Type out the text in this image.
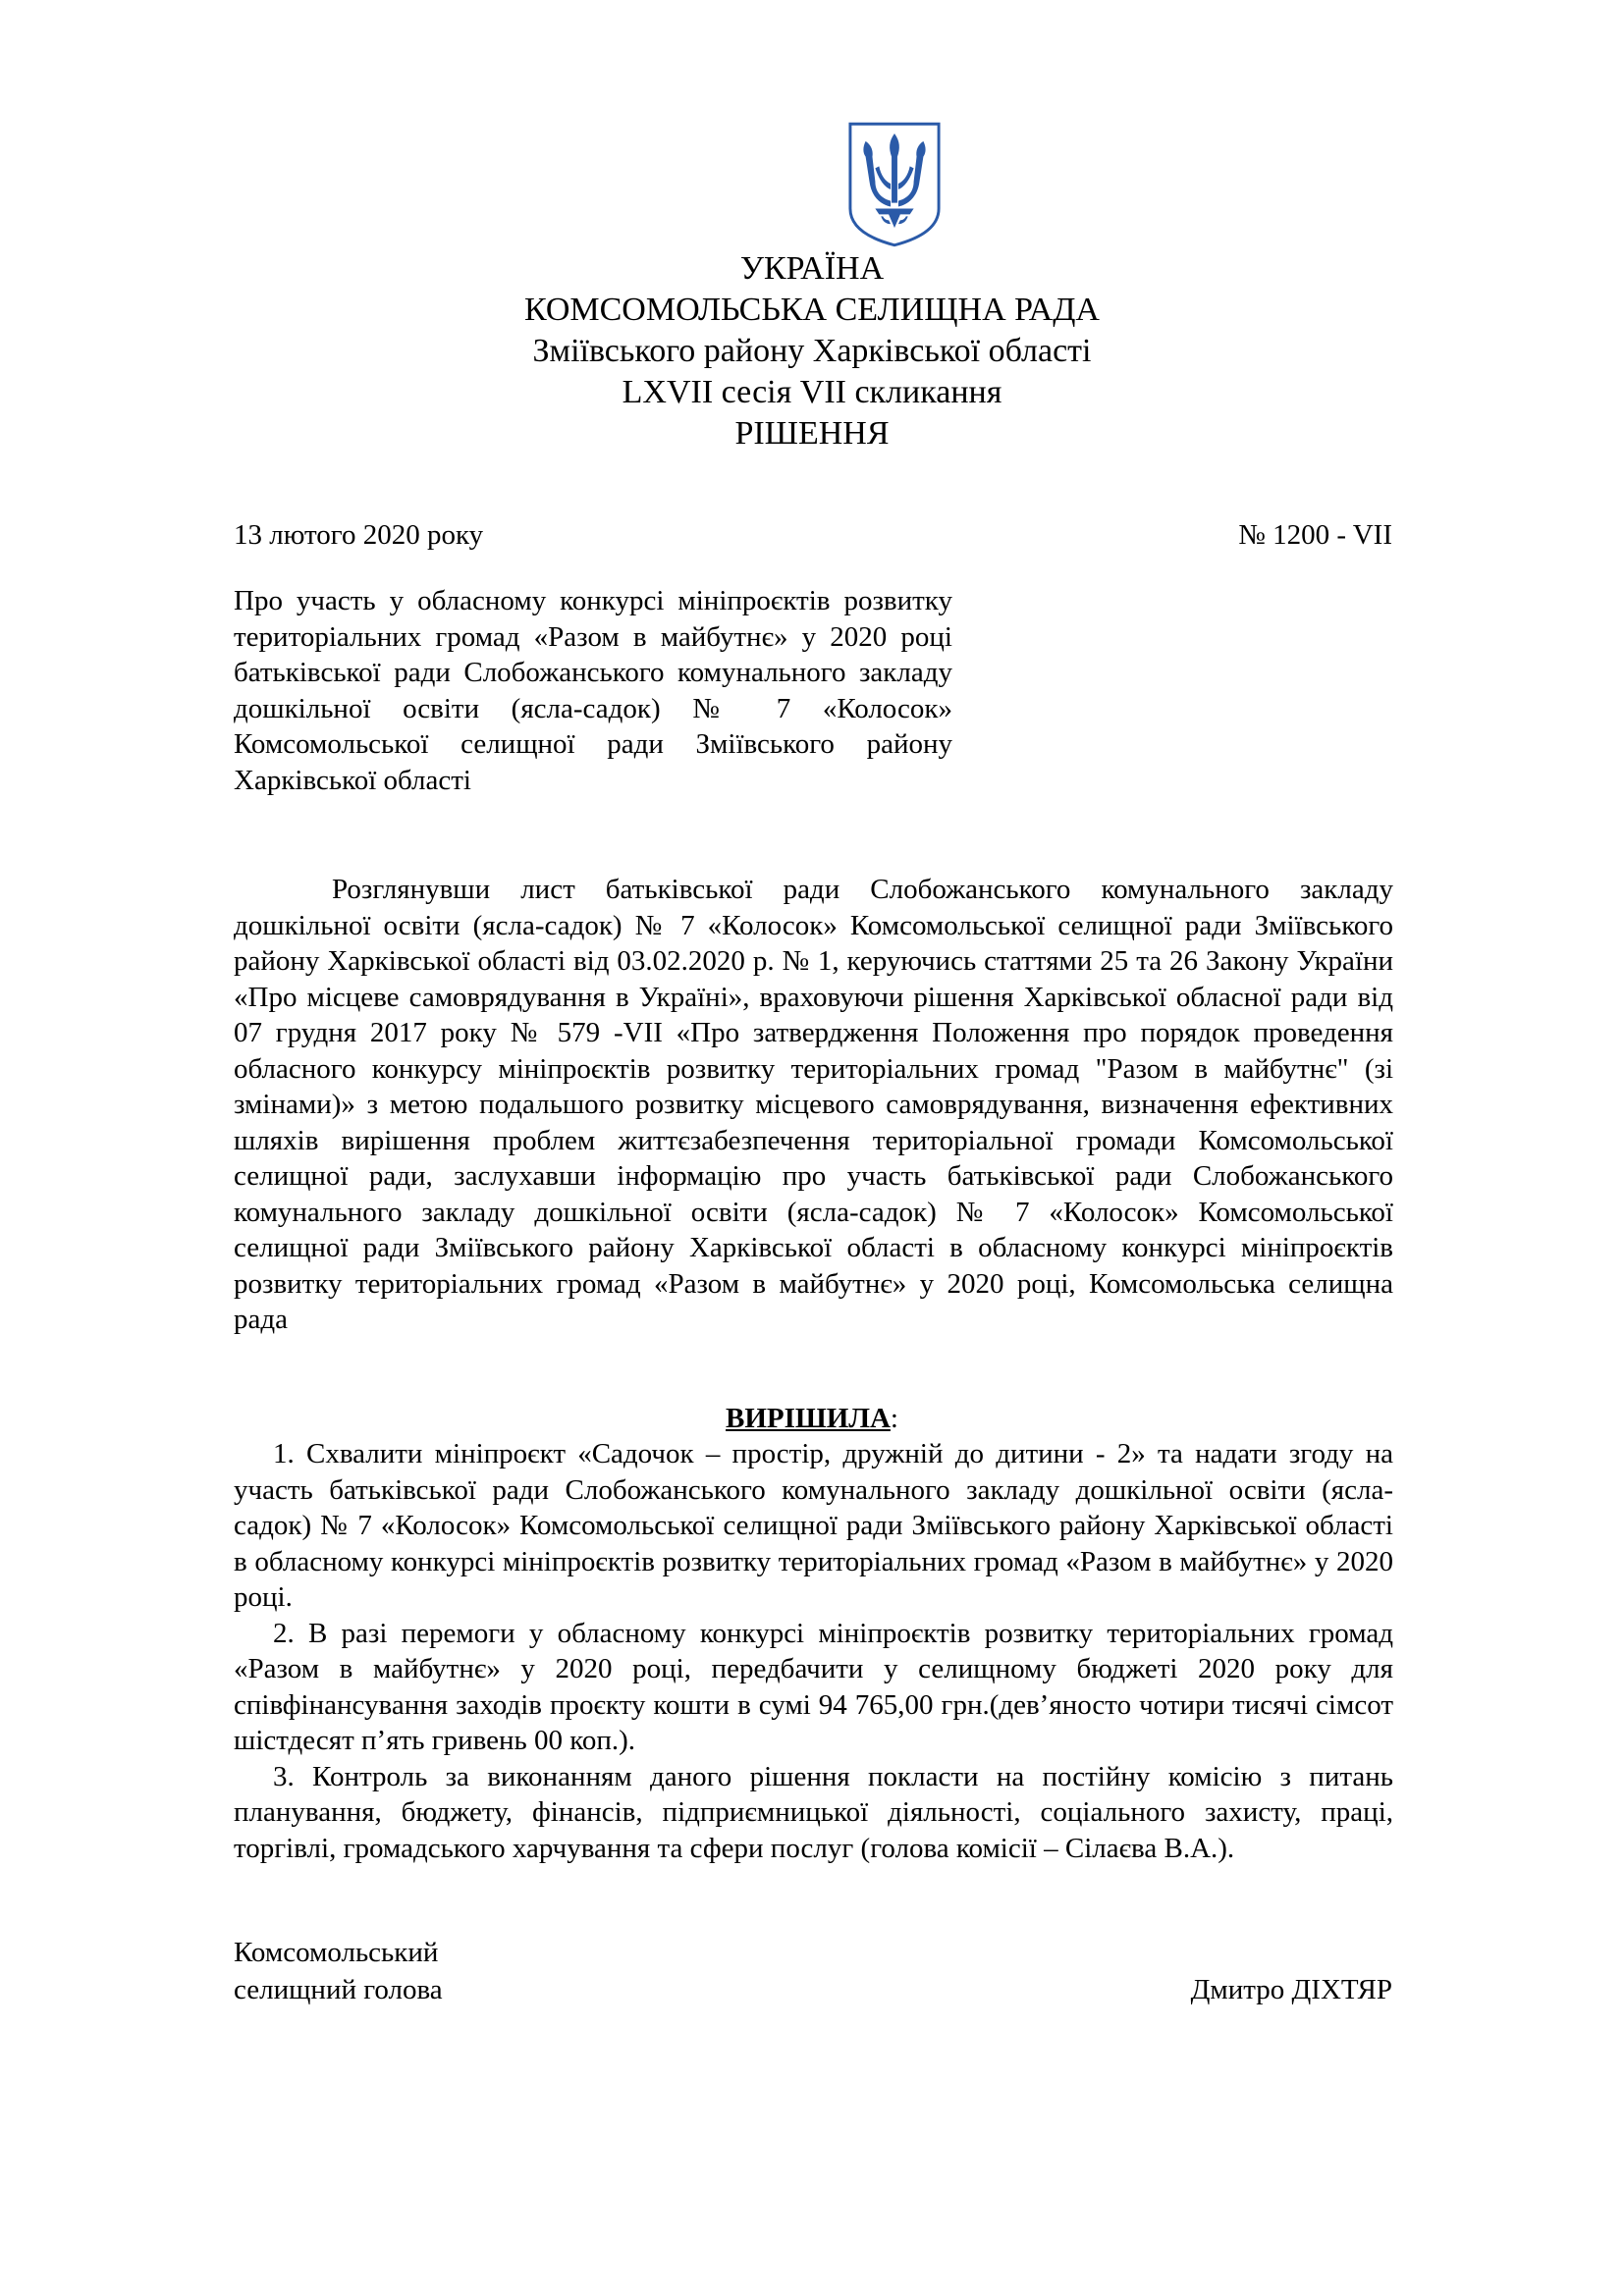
УКРАЇНА
КОМСОМОЛЬСЬКА СЕЛИЩНА РАДА
Зміївського району Харківської області
LXVII сесія VII скликання
РІШЕННЯ
13 лютого 2020 року	№ 1200 - VII
Про участь у обласному конкурсі мініпроєктів розвитку територіальних громад «Разом в майбутнє» у 2020 році батьківської ради Слобожанського комунального закладу дошкільної освіти (ясла-садок) № 7 «Колосок» Комсомольської селищної ради Зміївського району Харківської області
Розглянувши лист батьківської ради Слобожанського комунального закладу дошкільної освіти (ясла-садок) № 7 «Колосок» Комсомольської селищної ради Зміївського району Харківської області від 03.02.2020 р. № 1, керуючись статтями 25 та 26 Закону України «Про місцеве самоврядування в Україні», враховуючи рішення Харківської обласної ради від 07 грудня 2017 року № 579 -VII «Про затвердження Положення про порядок проведення обласного конкурсу мініпроєктів розвитку територіальних громад "Разом в майбутнє" (зі змінами)» з метою подальшого розвитку місцевого самоврядування, визначення ефективних шляхів вирішення проблем життєзабезпечення територіальної громади Комсомольської селищної ради, заслухавши інформацію про участь батьківської ради Слобожанського комунального закладу дошкільної освіти (ясла-садок) № 7 «Колосок» Комсомольської селищної ради Зміївського району Харківської області в обласному конкурсі мініпроєктів розвитку територіальних громад «Разом в майбутнє» у 2020 році, Комсомольська селищна рада
ВИРІШИЛА:

1. Схвалити мініпроєкт «Садочок – простір, дружній до дитини - 2» та надати згоду на участь батьківської ради Слобожанського комунального закладу дошкільної освіти (ясла-садок) № 7 «Колосок» Комсомольської селищної ради Зміївського району Харківської області в обласному конкурсі мініпроєктів розвитку територіальних громад «Разом в майбутнє» у 2020 році.

2. В разі перемоги у обласному конкурсі мініпроєктів розвитку територіальних громад «Разом в майбутнє» у 2020 році, передбачити у селищному бюджеті 2020 року для співфінансування заходів проєкту кошти в сумі 94 765,00 грн.(дев’яносто чотири тисячі сімсот шістдесят п’ять гривень 00 коп.).

3. Контроль за виконанням даного рішення покласти на постійну комісію з питань планування, бюджету, фінансів, підприємницької діяльності, соціального захисту, праці, торгівлі, громадського харчування та сфери послуг (голова комісії – Сілаєва В.А.).

Комсомольський
селищний голова	Дмитро ДІХТЯР
